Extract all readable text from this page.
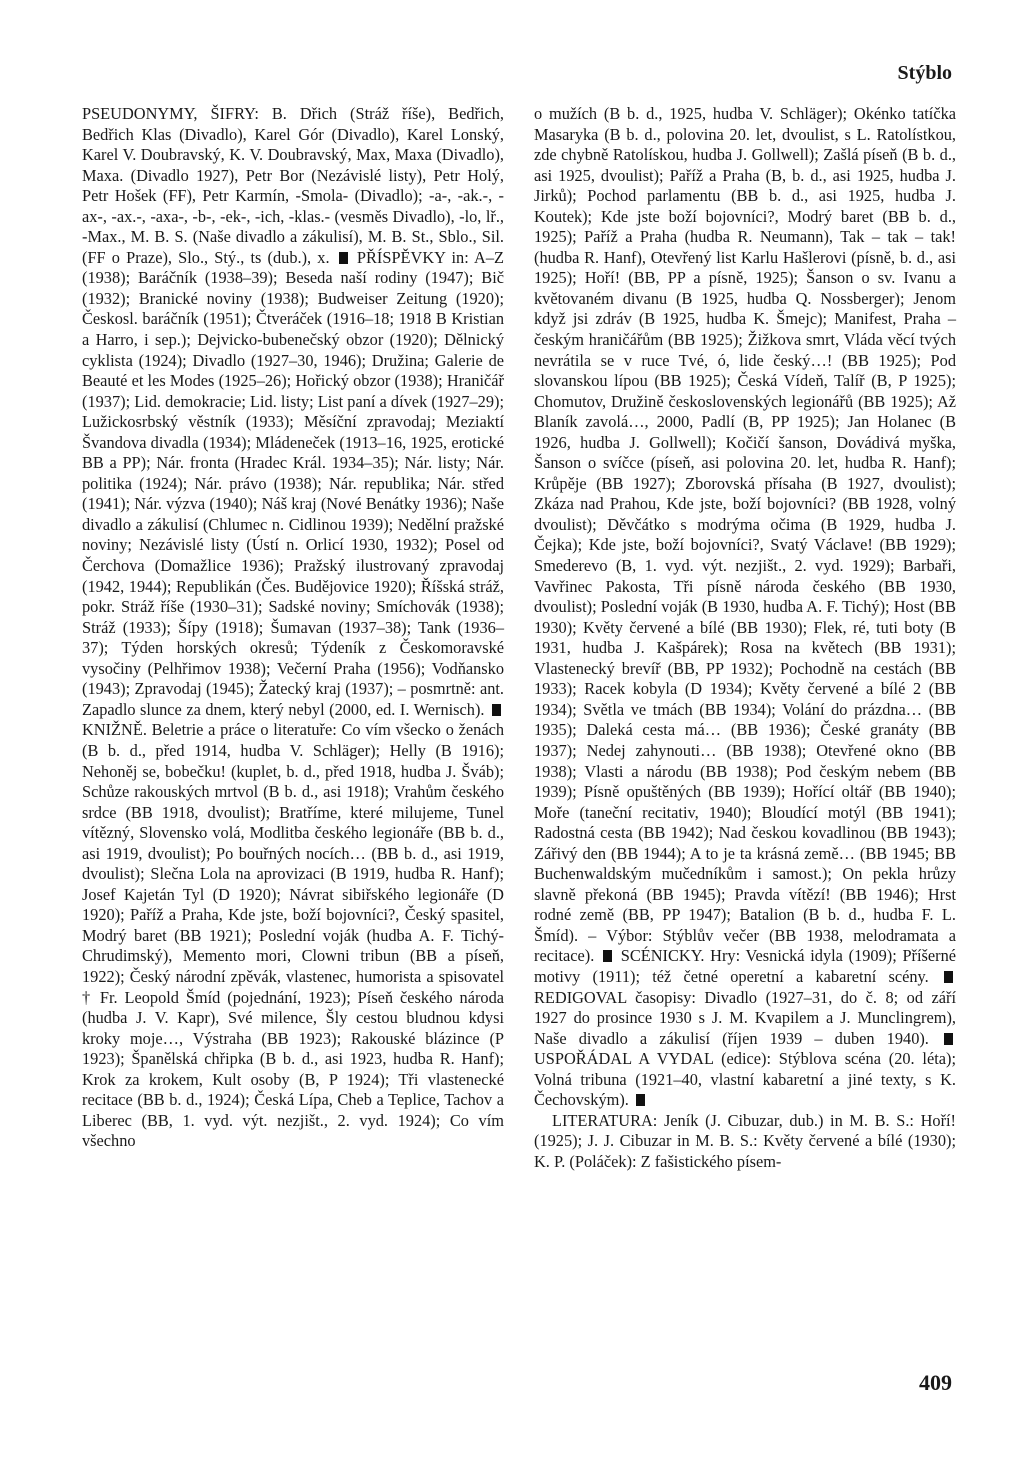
Stýblo

PSEUDONYMY, ŠIFRY: B. Dřich (Stráž říše), Bedřich, Bedřich Klas (Divadlo), Karel Gór (Divadlo), Karel Lonský, Karel V. Doubravský, K. V. Doubravský, Max, Maxa (Divadlo), Maxa. (Divadlo 1927), Petr Bor (Nezávislé listy), Petr Holý, Petr Hošek (FF), Petr Karmín, -Smola- (Divadlo); -a-, -ak.-, -ax-, -ax.-, -axa-, -b-, -ek-, -ich, -klas.- (vesměs Divadlo), -lo, lř., -Max., M. B. S. (Naše divadlo a zákulisí), M. B. St., Sblo., Sil. (FF o Praze), Slo., Stý., ts (dub.), x. PŘÍSPĚVKY in: A–Z (1938); Baráčník (1938–39); Beseda naší rodiny (1947); Bič (1932); Branické noviny (1938); Budweiser Zeitung (1920); Českosl. baráčník (1951); Čtveráček (1916–18; 1918 B Kristian a Harro, i sep.); Dejvicko-bubenečský obzor (1920); Dělnický cyklista (1924); Divadlo (1927–30, 1946); Družina; Galerie de Beauté et les Modes (1925–26); Hořický obzor (1938); Hraničář (1937); Lid. demokracie; Lid. listy; List paní a dívek (1927–29); Lužickosrbský věstník (1933); Měsíční zpravodaj; Meziaktí Švandova divadla (1934); Mládeneček (1913–16, 1925, erotické BB a PP); Nár. fronta (Hradec Král. 1934–35); Nár. listy; Nár. politika (1924); Nár. právo (1938); Nár. republika; Nár. střed (1941); Nár. výzva (1940); Náš kraj (Nové Benátky 1936); Naše divadlo a zákulisí (Chlumec n. Cidlinou 1939); Nedělní pražské noviny; Nezávislé listy (Ústí n. Orlicí 1930, 1932); Posel od Čerchova (Domažlice 1936); Pražský ilustrovaný zpravodaj (1942, 1944); Republikán (Čes. Budějovice 1920); Říšská stráž, pokr. Stráž říše (1930–31); Sadské noviny; Smíchovák (1938); Stráž (1933); Šípy (1918); Šumavan (1937–38); Tank (1936–37); Týden horských okresů; Týdeník z Českomoravské vysočiny (Pelhřimov 1938); Večerní Praha (1956); Vodňansko (1943); Zpravodaj (1945); Žatecký kraj (1937); – posmrtně: ant. Zapadlo slunce za dnem, který nebyl (2000, ed. I. Wernisch).  KNIŽNĚ. Beletrie a práce o literatuře: Co vím všecko o ženách (B b. d., před 1914, hudba V. Schläger); Helly (B 1916); Nehoněj se, bobečku! (kuplet, b. d., před 1918, hudba J. Šváb); Schůze rakouských mrtvol (B b. d., asi 1918); Vrahům českého srdce (BB 1918, dvoulist); Bratříme, které milujeme, Tunel vítězný, Slovensko volá, Modlitba českého legionáře (BB b. d., asi 1919, dvoulist); Po bouřných nocích… (BB b. d., asi 1919, dvoulist); Slečna Lola na aprovizaci (B 1919, hudba R. Hanf); Josef Kajetán Tyl (D 1920); Návrat sibiřského legionáře (D 1920); Paříž a Praha, Kde jste, boží bojovníci?, Český spasitel, Modrý baret (BB 1921); Poslední voják (hudba A. F. Tichý-Chrudimský), Memento mori, Clowni tribun (BB a píseň, 1922); Český národní zpěvák, vlastenec, humorista a spisovatel † Fr. Leopold Šmíd (pojednání, 1923); Píseň českého národa (hudba J. V. Kapr), Své milence, Šly cestou bludnou kdysi kroky moje…, Výstraha (BB 1923); Rakouské blázince (P 1923); Španělská chřipka (B b. d., asi 1923, hudba R. Hanf); Krok za krokem, Kult osoby (B, P 1924); Tři vlastenecké recitace (BB b. d., 1924); Česká Lípa, Cheb a Teplice, Tachov a Liberec (BB, 1. vyd. výt. nezjišt., 2. vyd. 1924); Co vím všechno

o mužích (B b. d., 1925, hudba V. Schläger); Okénko tatíčka Masaryka (B b. d., polovina 20. let, dvoulist, s L. Ratolístkou, zde chybně Ratolískou, hudba J. Gollwell); Zašlá píseň (B b. d., asi 1925, dvoulist); Paříž a Praha (B, b. d., asi 1925, hudba J. Jirků); Pochod parlamentu (BB b. d., asi 1925, hudba J. Koutek); Kde jste boží bojovníci?, Modrý baret (BB b. d., 1925); Paříž a Praha (hudba R. Neumann), Tak – tak – tak! (hudba R. Hanf), Otevřený list Karlu Hašlerovi (písně, b. d., asi 1925); Hoří! (BB, PP a písně, 1925); Šanson o sv. Ivanu a květovaném divanu (B 1925, hudba Q. Nossberger); Jenom když jsi zdráv (B 1925, hudba K. Šmejc); Manifest, Praha – českým hraničářům (BB 1925); Žižkova smrt, Vláda věcí tvých nevrátila se v ruce Tvé, ó, lide český…! (BB 1925); Pod slovanskou lípou (BB 1925); Česká Vídeň, Talíř (B, P 1925); Chomutov, Družině československých legionářů (BB 1925); Až Blaník zavolá…, 2000, Padlí (B, PP 1925); Jan Holanec (B 1926, hudba J. Gollwell); Kočičí šanson, Dovádivá myška, Šanson o svíčce (píseň, asi polovina 20. let, hudba R. Hanf); Krůpěje (BB 1927); Zborovská přísaha (B 1927, dvoulist); Zkáza nad Prahou, Kde jste, boží bojovníci? (BB 1928, volný dvoulist); Děvčátko s modrýma očima (B 1929, hudba J. Čejka); Kde jste, boží bojovníci?, Svatý Václave! (BB 1929); Smederevo (B, 1. vyd. výt. nezjišt., 2. vyd. 1929); Barbaři, Vavřinec Pakosta, Tři písně národa českého (BB 1930, dvoulist); Poslední voják (B 1930, hudba A. F. Tichý); Host (BB 1930); Květy červené a bílé (BB 1930); Flek, ré, tuti boty (B 1931, hudba J. Kašpárek); Rosa na květech (BB 1931); Vlastenecký brevíř (BB, PP 1932); Pochodně na cestách (BB 1933); Racek kobyla (D 1934); Květy červené a bílé 2 (BB 1934); Světla ve tmách (BB 1934); Volání do prázdna… (BB 1935); Daleká cesta má… (BB 1936); České granáty (BB 1937); Nedej zahynouti… (BB 1938); Otevřené okno (BB 1938); Vlasti a národu (BB 1938); Pod českým nebem (BB 1939); Písně opuštěných (BB 1939); Hořící oltář (BB 1940); Moře (taneční recitativ, 1940); Bloudící motýl (BB 1941); Radostná cesta (BB 1942); Nad českou kovadlinou (BB 1943); Zářivý den (BB 1944); A to je ta krásná země… (BB 1945; BB Buchenwaldským mučedníkům i samost.); On pekla hrůzy slavně překoná (BB 1945); Pravda vítězí! (BB 1946); Hrst rodné země (BB, PP 1947); Batalion (B b. d., hudba F. L. Šmíd). – Výbor: Stýblův večer (BB 1938, melodramata a recitace). SCÉNICKY. Hry: Vesnická idyla (1909); Příšerné motivy (1911); též četné operetní a kabaretní scény.  REDIGOVAL časopisy: Divadlo (1927–31, do č. 8; od září 1927 do prosince 1930 s J. M. Kvapilem a J. Munclingrem), Naše divadlo a zákulisí (říjen 1939 – duben 1940).  USPOŘÁDAL A VYDAL (edice): Stýblova scéna (20. léta); Volná tribuna (1921–40, vlastní kabaretní a jiné texty, s K. Čechovským).

LITERATURA: Jeník (J. Cibuzar, dub.) in M. B. S.: Hoří! (1925); J. J. Cibuzar in M. B. S.: Květy červené a bílé (1930); K. P. (Poláček): Z fašistického písem-

409
